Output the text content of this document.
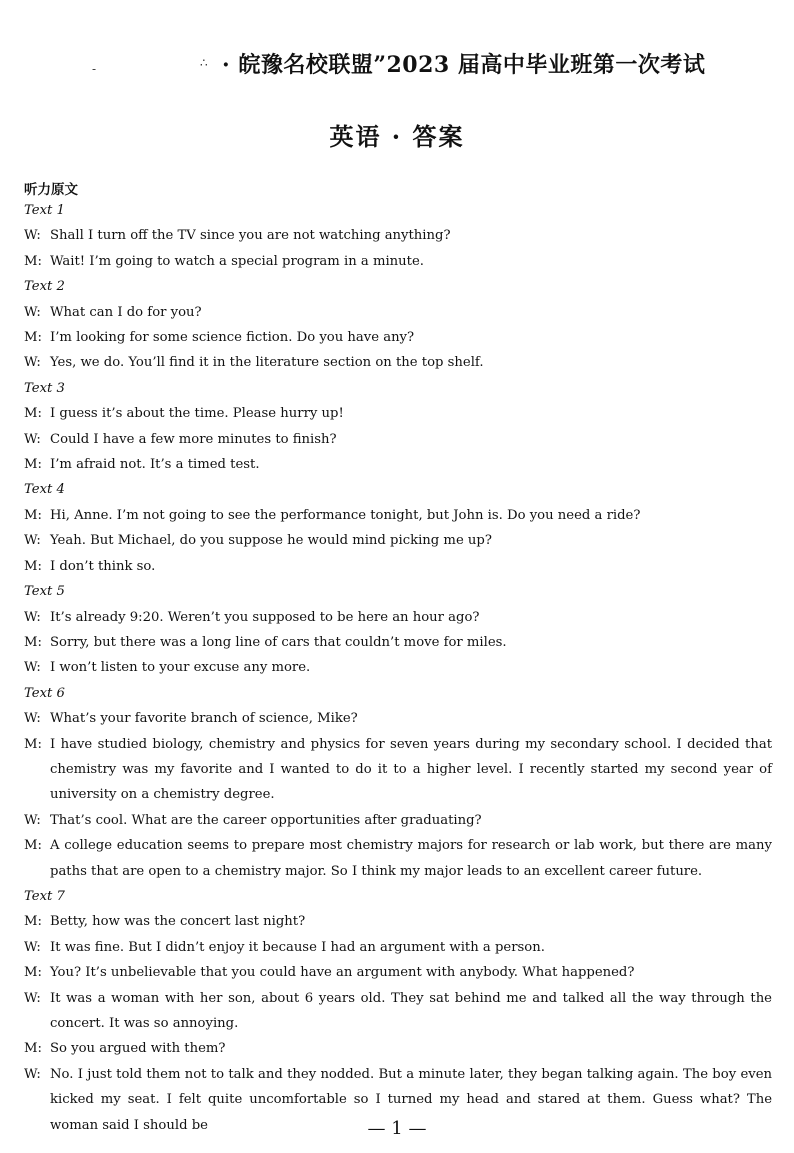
-	∴ · 皖豫名校联盟”2023 届高中毕业班第一次考试
英语 · 答案
听力原文

Text 1

W: Shall I turn off the TV since you are not watching anything?
M: Wait! I’m going to watch a special program in a minute.

Text 2

W: What can I do for you?
M: I’m looking for some science fiction. Do you have any?
W: Yes, we do. You’ll find it in the literature section on the top shelf.

Text 3

M: I guess it’s about the time. Please hurry up!
W: Could I have a few more minutes to finish?
M: I’m afraid not. It’s a timed test.

Text 4

M: Hi, Anne. I’m not going to see the performance tonight, but John is. Do you need a ride?
W: Yeah. But Michael, do you suppose he would mind picking me up?
M: I don’t think so.

Text 5

W: It’s already 9:20. Weren’t you supposed to be here an hour ago?
M: Sorry, but there was a long line of cars that couldn’t move for miles.
W: I won’t listen to your excuse any more.

Text 6

W: What’s your favorite branch of science, Mike?
M: I have studied biology, chemistry and physics for seven years during my secondary school. I decided that chemistry was my favorite and I wanted to do it to a higher level. I recently started my second year of university on a chemistry degree.
W: That’s cool. What are the career opportunities after graduating?
M: A college education seems to prepare most chemistry majors for research or lab work, but there are many paths that are open to a chemistry major. So I think my major leads to an excellent career future.

Text 7

M: Betty, how was the concert last night?
W: It was fine. But I didn’t enjoy it because I had an argument with a person.
M: You? It’s unbelievable that you could have an argument with anybody. What happened?
W: It was a woman with her son, about 6 years old. They sat behind me and talked all the way through the concert. It was so annoying.
M: So you argued with them?
W: No. I just told them not to talk and they nodded. But a minute later, they began talking again. The boy even kicked my seat. I felt quite uncomfortable so I turned my head and stared at them. Guess what? The woman said I should be	— 1 —
